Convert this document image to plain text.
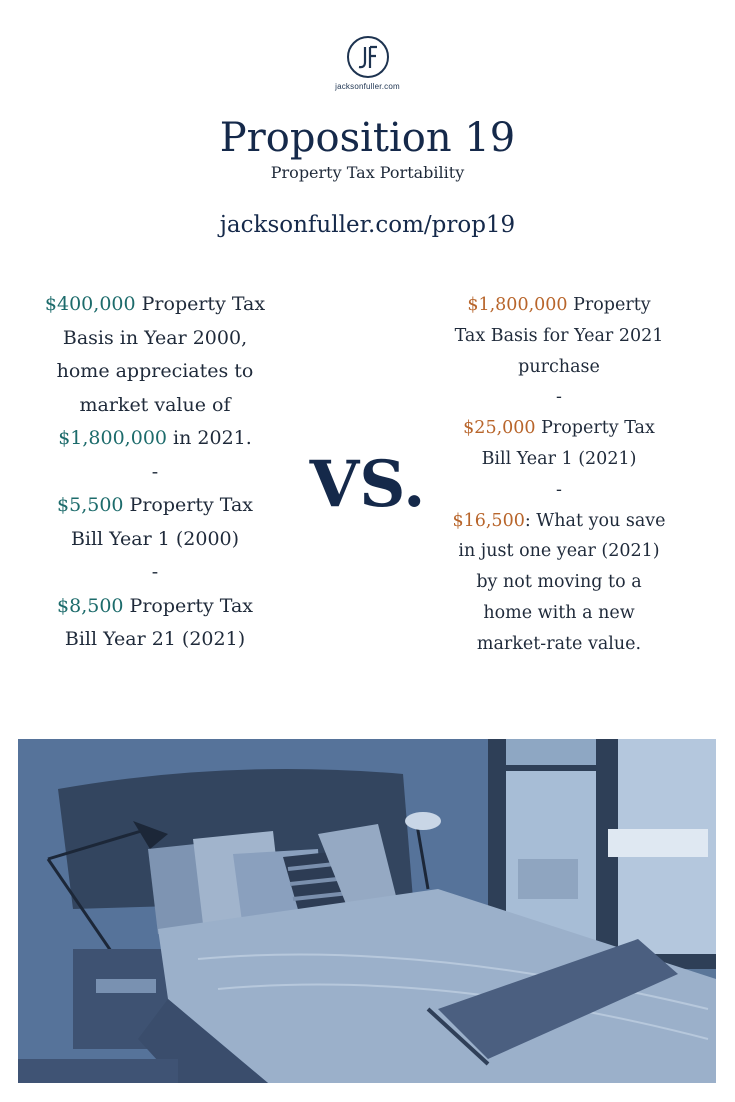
jacksonfuller.com
Proposition 19
Property Tax Portability
jacksonfuller.com/prop19
$400,000 Property Tax Basis in Year 2000, home appreciates to market value of $1,800,000 in 2021.
-
$5,500 Property Tax Bill Year 1 (2000)
-
$8,500 Property Tax Bill Year 21 (2021)
VS.
$1,800,000 Property Tax Basis for Year 2021 purchase
-
$25,000 Property Tax Bill Year 1 (2021)
-
$16,500: What you save in just one year (2021) by not moving to a home with a new market-rate value.
